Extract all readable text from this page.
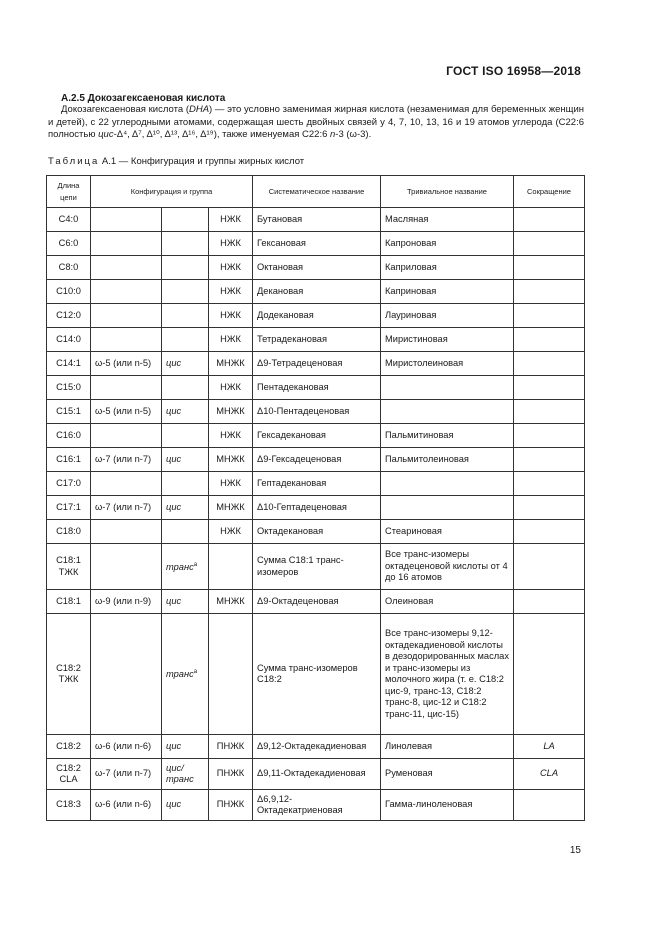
ГОСТ ISO 16958—2018
А.2.5 Докозагексаеновая кислота
Докозагексаеновая кислота (DHA) — это условно заменимая жирная кислота (незаменимая для беременных женщин и детей), с 22 углеродными атомами, содержащая шесть двойных связей у 4, 7, 10, 13, 16 и 19 атомов углерода (С22:6 полностью цис-Δ⁴, Δ⁷, Δ¹⁰, Δ¹³, Δ¹⁶, Δ¹⁹), также именуемая С22:6 n-3 (ω-3).
Таблица А.1 — Конфигурация и группы жирных кислот
Длина цепи	Конфигурация и группа			Систематическое название	Тривиальное название	Сокращение
С4:0			НЖК	Бутановая	Масляная	
С6:0			НЖК	Гексановая	Капроновая	
С8:0			НЖК	Октановая	Каприловая	
С10:0			НЖК	Декановая	Каприновая	
С12:0			НЖК	Додекановая	Лауриновая	
С14:0			НЖК	Тетрадекановая	Миристиновая	
С14:1	ω-5 (или n-5)	цис	МНЖК	Δ9-Тетрадеценовая	Миристолеиновая	
С15:0			НЖК	Пентадекановая		
С15:1	ω-5 (или n-5)	цис	МНЖК	Δ10-Пентадеценовая		
С16:0			НЖК	Гексадекановая	Пальмитиновая	
С16:1	ω-7 (или n-7)	цис	МНЖК	Δ9-Гексадеценовая	Пальмитолеиновая	
С17:0			НЖК	Гептадекановая		
С17:1	ω-7 (или n-7)	цис	МНЖК	Δ10-Гептадеценовая		
С18:0			НЖК	Октадекановая	Стеариновая	
С18:1 ТЖК		транс$^a$		Сумма С18:1 транс-изомеров	Все транс-изомеры октадеценовой кислоты от 4 до 16 атомов	
С18:1	ω-9 (или n-9)	цис	МНЖК	Δ9-Октадеценовая	Олеиновая	
С18:2 ТЖК		транс$^a$		Сумма транс-изомеров С18:2	Все транс-изомеры 9,12-октадекадиеновой кислоты в дезодорированных маслах и транс-изомеры из молочного жира (т. е. С18:2 цис-9, транс-13, С18:2 транс-8, цис-12 и С18:2 транс-11, цис-15)	
С18:2	ω-6 (или n-6)	цис	ПНЖК	Δ9,12-Октадекадиеновая	Линолевая	LA
С18:2 CLA	ω-7 (или n-7)	цис/ транс	ПНЖК	Δ9,11-Октадекадиеновая	Руменовая	CLA
С18:3	ω-6 (или n-6)	цис	ПНЖК	Δ6,9,12-Октадекатриеновая	Гамма-линоленовая	
15
